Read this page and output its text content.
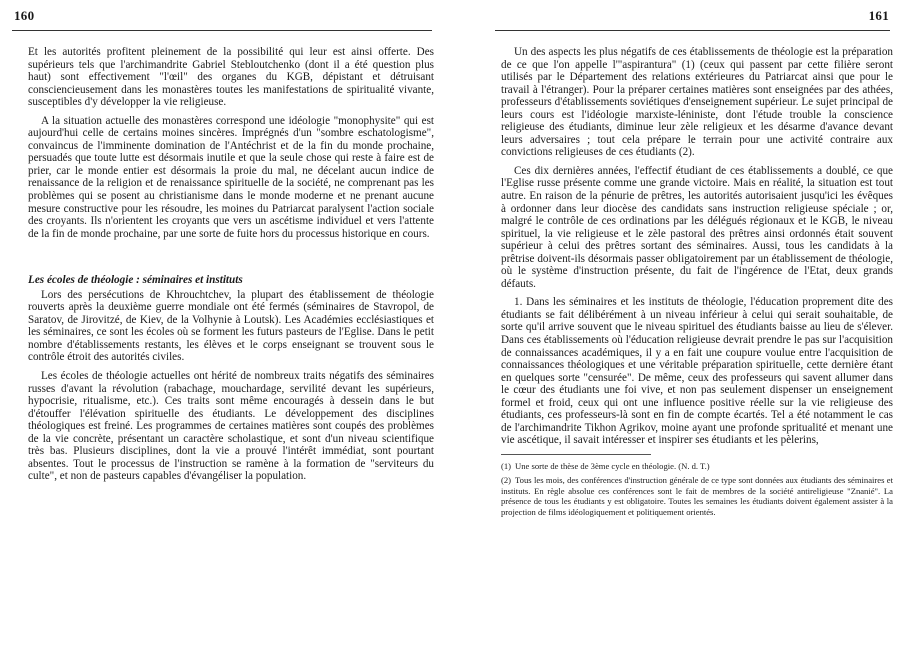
160

Et les autorités profitent pleinement de la possibilité qui leur est ainsi offerte. Des supérieurs tels que l'archimandrite Gabriel Stebloutchenko (dont il a été question plus haut) sont effectivement "l'œil" des organes du KGB, dépistant et détruisant consciencieusement dans les monastères toutes les manifestations de spiritualité vivante, susceptibles d'y développer la vie religieuse.

A la situation actuelle des monastères correspond une idéologie "monophysite" qui est aujourd'hui celle de certains moines sincères. Imprégnés d'un "sombre eschatologisme", convaincus de l'imminente domination de l'Antéchrist et de la fin du monde prochaine, persuadés que toute lutte est désormais inutile et que la seule chose qui reste à faire est de prier, car le monde entier est désormais la proie du mal, ne décelant aucun indice de renaissance de la religion et de renaissance spirituelle de la société, ne comprenant pas les problèmes qui se posent au christianisme dans le monde moderne et ne prenant aucune mesure constructive pour les résoudre, les moines du Patriarcat paralysent l'action sociale des croyants. Ils n'orientent les croyants que vers un ascétisme individuel et vers l'attente de la fin de monde prochaine, par une sorte de fuite hors du processus historique en cours.

Les écoles de théologie : séminaires et instituts

Lors des persécutions de Khrouchtchev, la plupart des établissement de théologie rouverts après la deuxième guerre mondiale ont été fermés (séminaires de Stavropol, de Saratov, de Jirovitzé, de Kiev, de la Volhynie à Loutsk). Les Académies ecclésiastiques et les séminaires, ce sont les écoles où se forment les futurs pasteurs de l'Eglise. Dans le petit nombre d'établissements restants, les élèves et le corps enseignant se trouvent sous le contrôle étroit des autorités civiles.

Les écoles de théologie actuelles ont hérité de nombreux traits négatifs des séminaires russes d'avant la révolution (rabachage, mouchardage, servilité devant les supérieurs, hypocrisie, ritualisme, etc.). Ces traits sont même encouragés à dessein dans le but d'étouffer l'élévation spirituelle des étudiants. Le développement des disciplines théologiques est freiné. Les programmes de certaines matières sont coupés des problèmes de la vie concrète, présentant un caractère scholastique, et sont d'un niveau scientifique très bas. Plusieurs disciplines, dont la vie a prouvé l'intérêt immédiat, sont pourtant absentes. Tout le processus de l'instruction se ramène à la formation de "serviteurs du culte", et non de pasteurs capables d'évangéliser la population.

161

Un des aspects les plus négatifs de ces établissements de théologie est la préparation de ce que l'on appelle l'"aspirantura" (1) (ceux qui passent par cette filière seront utilisés par le Département des relations extérieures du Patriarcat ainsi que pour le travail à l'étranger). Pour la préparer certaines matières sont enseignées par des athées, professeurs d'établissements soviétiques d'enseignement supérieur. Le sujet principal de leurs cours est l'idéologie marxiste-léniniste, dont l'étude trouble la conscience religieuse des étudiants, diminue leur zèle religieux et les désarme d'avance devant leurs adversaires ; tout cela prépare le terrain pour une activité contraire aux convictions religieuses de ces étudiants (2).

Ces dix dernières années, l'effectif étudiant de ces établissements a doublé, ce que l'Eglise russe présente comme une grande victoire. Mais en réalité, la situation est tout autre. En raison de la pénurie de prêtres, les autorités autorisaient jusqu'ici les évêques à ordonner dans leur diocèse des candidats sans instruction religieuse spéciale ; or, malgré le contrôle de ces ordinations par les délégués régionaux et le KGB, le niveau spirituel, la vie religieuse et le zèle pastoral des prêtres ainsi ordonnés était souvent supérieur à celui des prêtres sortant des séminaires. Aussi, tous les candidats à la prêtrise doivent-ils désormais passer obligatoirement par un établissement de théologie, où le système d'instruction présente, du fait de l'ingérence de l'Etat, deux grands défauts.

1. Dans les séminaires et les instituts de théologie, l'éducation proprement dite des étudiants se fait délibérément à un niveau inférieur à celui qui serait souhaitable, de sorte qu'il arrive souvent que le niveau spirituel des étudiants baisse au lieu de s'élever. Dans ces établissements où l'éducation religieuse devrait prendre le pas sur l'acquisition de connaissances académiques, il y a en fait une coupure voulue entre l'acquisition de connaissances théologiques et une véritable préparation spirituelle, cette dernière étant en quelques sorte "censurée". De même, ceux des professeurs qui savent allumer dans le cœur des étudiants une foi vive, et non pas seulement dispenser un enseignement formel et froid, ceux qui ont une influence positive réelle sur la vie religieuse des étudiants, ces professeurs-là sont en fin de compte écartés. Tel a été notamment le cas de l'archimandrite Tikhon Agrikov, moine ayant une profonde spritualité et menant une vie ascétique, il savait intéresser et inspirer ses étudiants et les pèlerins,

(1) Une sorte de thèse de 3ème cycle en théologie. (N. d. T.)
(2) Tous les mois, des conférences d'instruction générale de ce type sont données aux étudiants des séminaires et instituts. En règle absolue ces conférences sont le fait de membres de la société antireligieuse "Znanié". La présence de tous les étudiants y est obligatoire. Toutes les semaines les étudiants doivent également assister à la projection de films idéologiquement et politiquement orientés.
